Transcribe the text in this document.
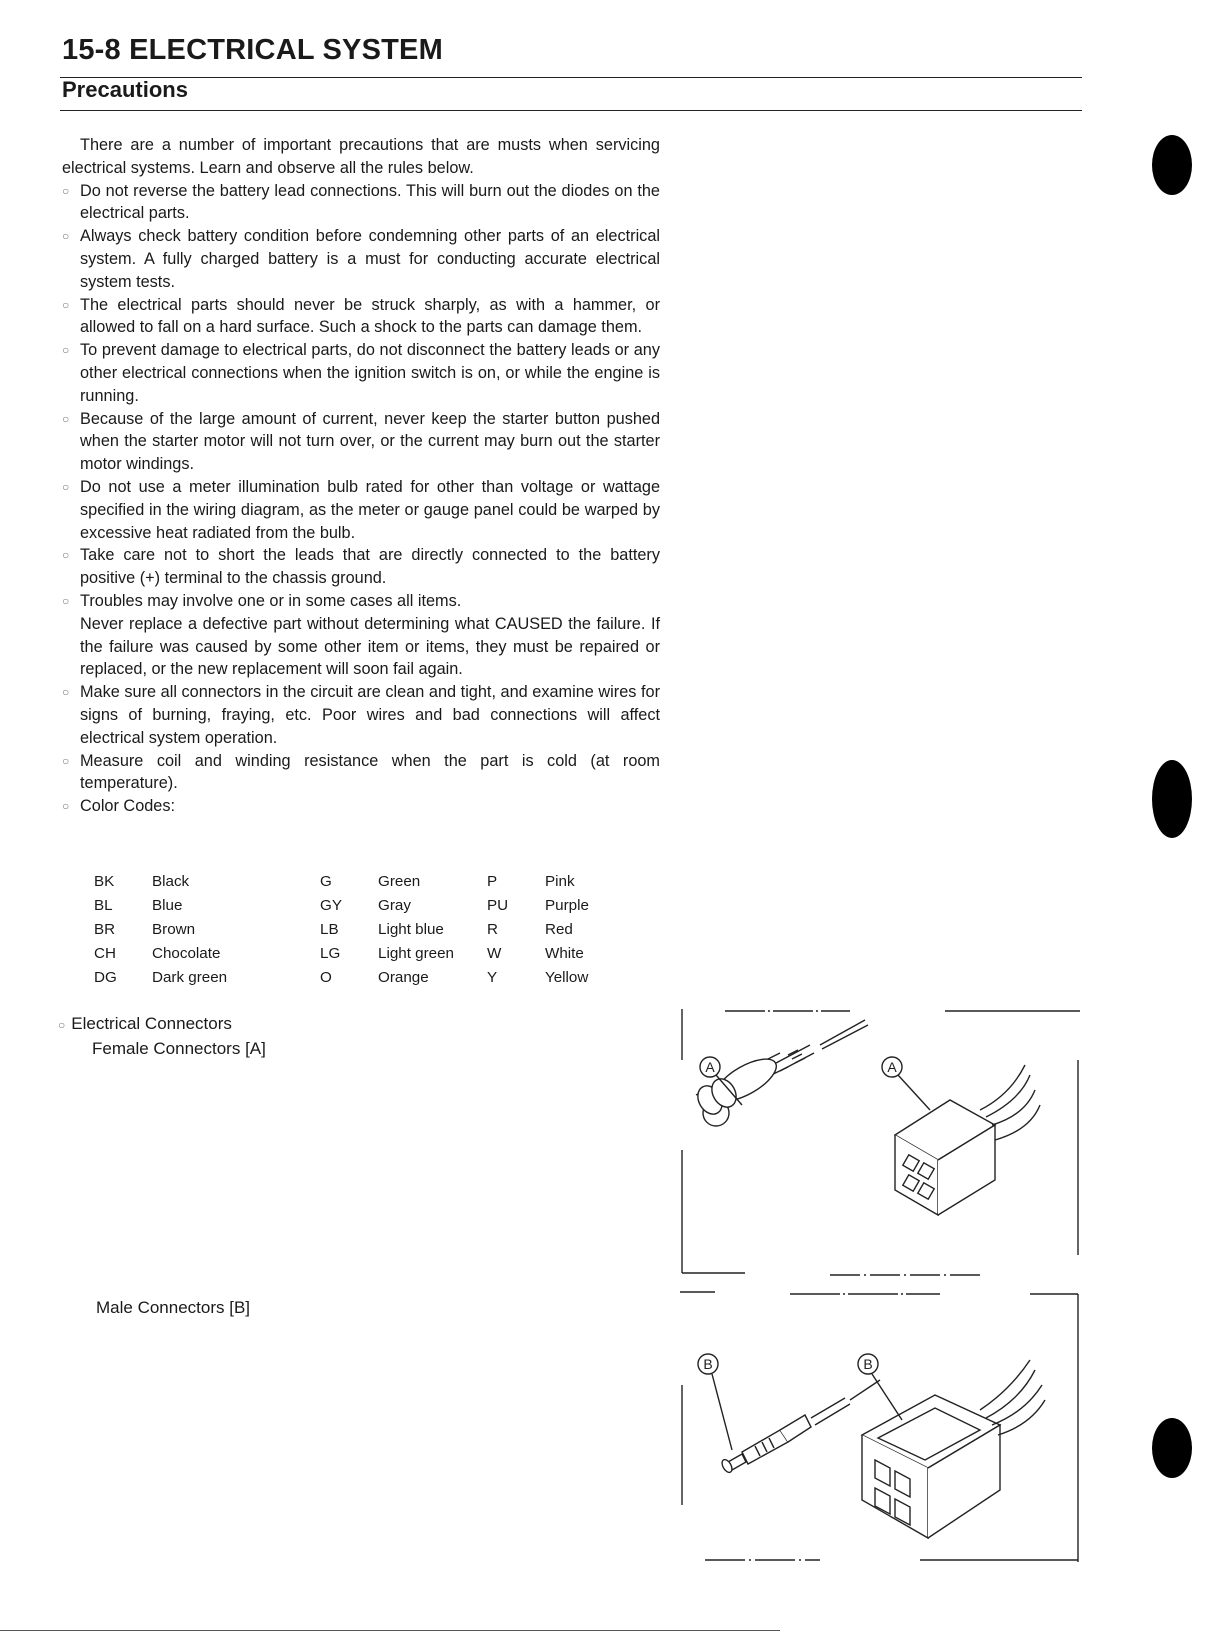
15-8 ELECTRICAL SYSTEM
Precautions

There are a number of important precautions that are musts when servicing electrical systems. Learn and observe all the rules below.

○ Do not reverse the battery lead connections. This will burn out the diodes on the electrical parts.

○ Always check battery condition before condemning other parts of an electrical system. A fully charged battery is a must for conducting accurate electrical system tests.

○ The electrical parts should never be struck sharply, as with a hammer, or allowed to fall on a hard surface. Such a shock to the parts can damage them.

○ To prevent damage to electrical parts, do not disconnect the battery leads or any other electrical connections when the ignition switch is on, or while the engine is running.

○ Because of the large amount of current, never keep the starter button pushed when the starter motor will not turn over, or the current may burn out the starter motor windings.

○ Do not use a meter illumination bulb rated for other than voltage or wattage specified in the wiring diagram, as the meter or gauge panel could be warped by excessive heat radiated from the bulb.

○ Take care not to short the leads that are directly connected to the battery positive (+) terminal to the chassis ground.

○ Troubles may involve one or in some cases all items.

Never replace a defective part without determining what CAUSED the failure. If the failure was caused by some other item or items, they must be repaired or replaced, or the new replacement will soon fail again.

○ Make sure all connectors in the circuit are clean and tight, and examine wires for signs of burning, fraying, etc. Poor wires and bad connections will affect electrical system operation.

○ Measure coil and winding resistance when the part is cold (at room temperature).

○ Color Codes:

BK	Black	G	Green	P	Pink
BL	Blue	GY	Gray	PU	Purple
BR	Brown	LB	Light blue	R	Red
CH	Chocolate	LG	Light green	W	White
DG	Dark green	O	Orange	Y	Yellow
○ Electrical Connectors
Female Connectors [A]
Male Connectors [B]
A	A
B	B
